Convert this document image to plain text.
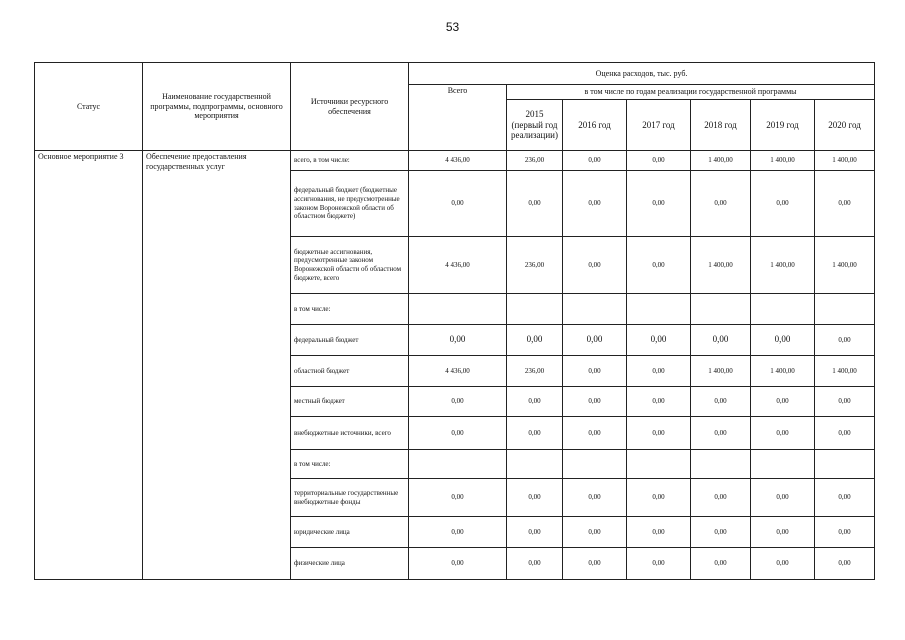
53
Статус	Наименование государственной программы, подпрограммы, основного мероприятия	Источники ресурсного обеспечения	Оценка расходов, тыс. руб.						
			Всего	в том числе по годам реализации государственной программы					
				2015 (первый год реализации)	2016 год	2017 год	2018 год	2019 год	2020 год
Основное мероприятие 3	Обеспечение предоставления государственных услуг	всего, в том числе:	4 436,00	236,00	0,00	0,00	1 400,00	1 400,00	1 400,00
		федеральный бюджет (бюджетные ассигнования, не предусмотренные законом Воронежской области об областном бюджете)	0,00	0,00	0,00	0,00	0,00	0,00	0,00
		бюджетные ассигнования, предусмотренные законом Воронежской области об областном бюджете, всего	4 436,00	236,00	0,00	0,00	1 400,00	1 400,00	1 400,00
		в том числе:							
		федеральный бюджет	0,00	0,00	0,00	0,00	0,00	0,00	0,00
		областной бюджет	4 436,00	236,00	0,00	0,00	1 400,00	1 400,00	1 400,00
		местный бюджет	0,00	0,00	0,00	0,00	0,00	0,00	0,00
		внебюджетные источники, всего	0,00	0,00	0,00	0,00	0,00	0,00	0,00
		в том числе:							
		территориальные государственные внебюджетные фонды	0,00	0,00	0,00	0,00	0,00	0,00	0,00
		юридические лица	0,00	0,00	0,00	0,00	0,00	0,00	0,00
		физические лица	0,00	0,00	0,00	0,00	0,00	0,00	0,00
